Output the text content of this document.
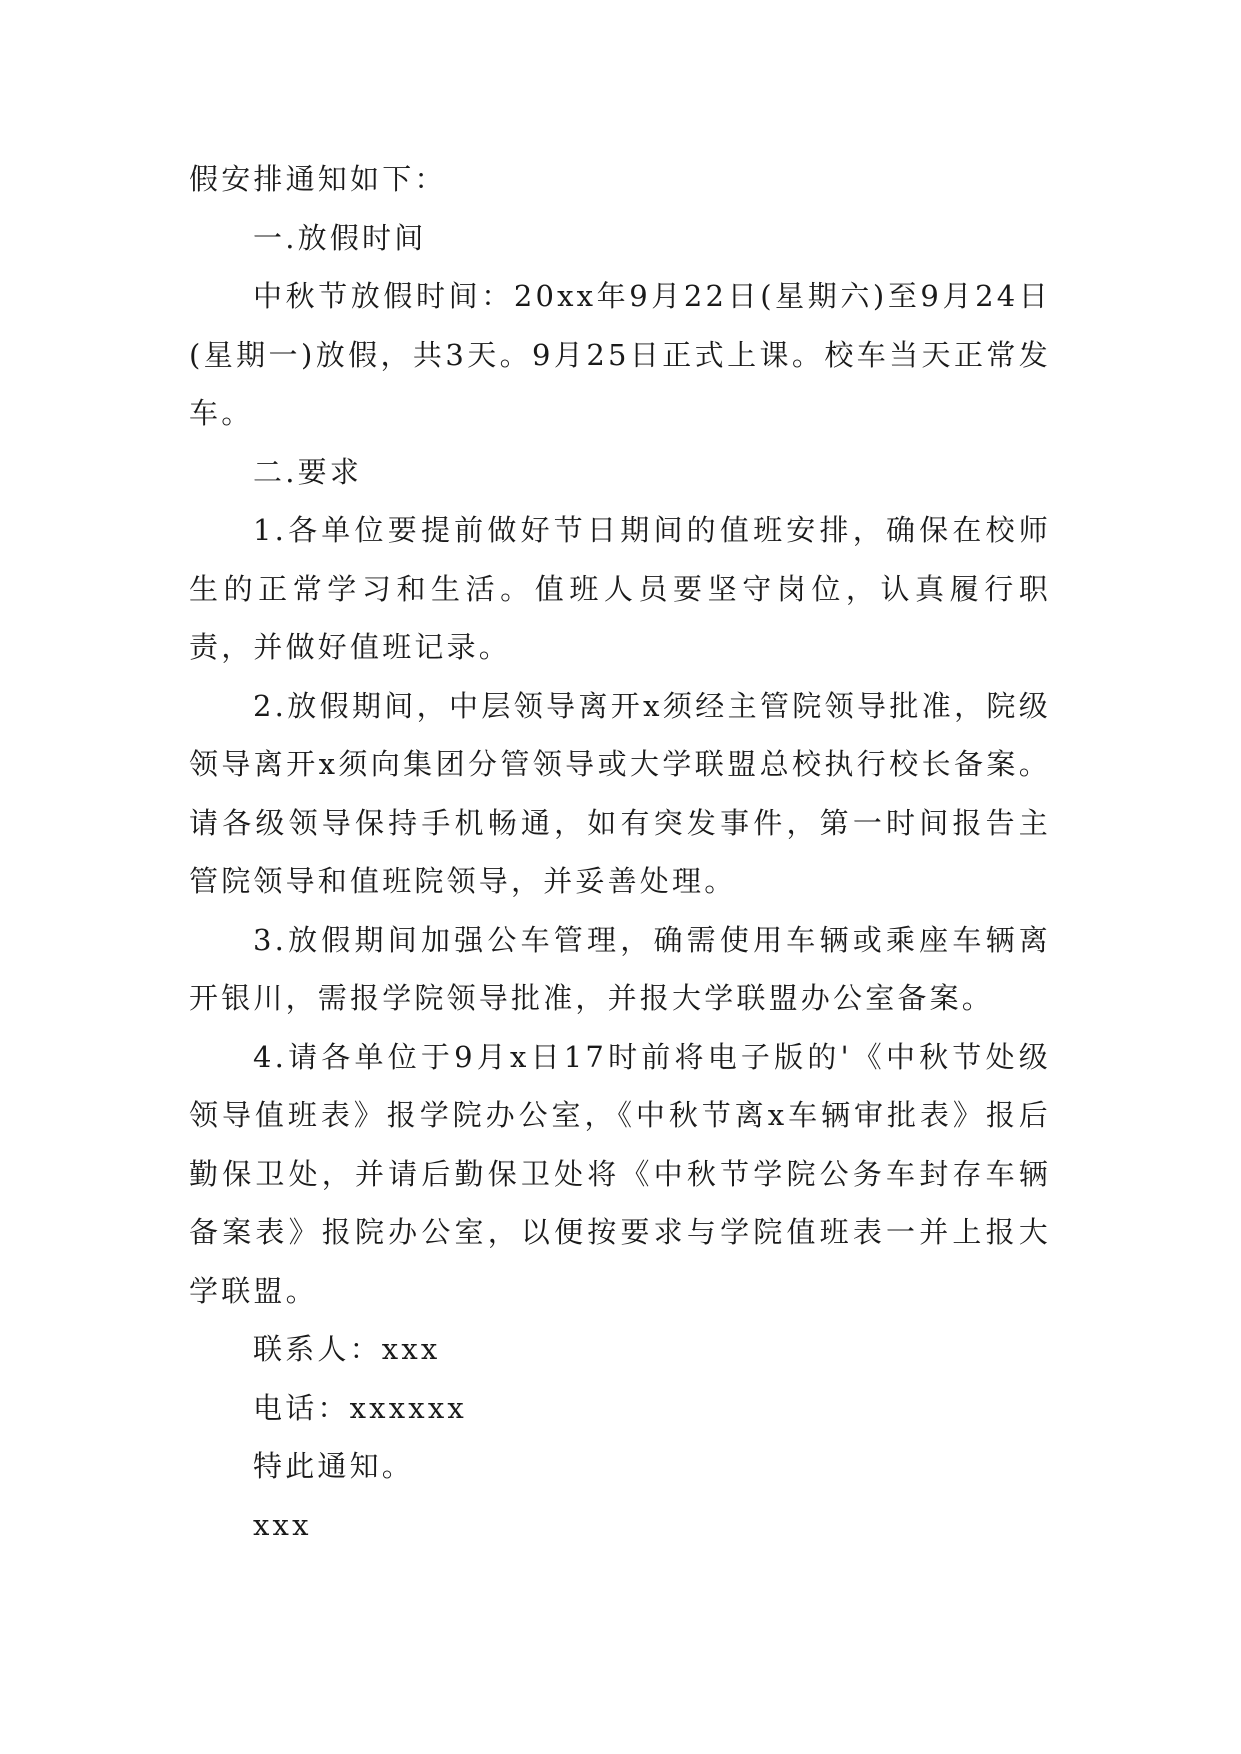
假安排通知如下：

一.放假时间

中秋节放假时间：20xx年9月22日(星期六)至9月24日(星期一)放假，共3天。9月25日正式上课。校车当天正常发车。

二.要求

1.各单位要提前做好节日期间的值班安排，确保在校师生的正常学习和生活。值班人员要坚守岗位，认真履行职责，并做好值班记录。

2.放假期间，中层领导离开x须经主管院领导批准，院级领导离开x须向集团分管领导或大学联盟总校执行校长备案。请各级领导保持手机畅通，如有突发事件，第一时间报告主管院领导和值班院领导，并妥善处理。

3.放假期间加强公车管理，确需使用车辆或乘座车辆离开银川，需报学院领导批准，并报大学联盟办公室备案。

4.请各单位于9月x日17时前将电子版的'《中秋节处级领导值班表》报学院办公室，《中秋节离x车辆审批表》报后勤保卫处，并请后勤保卫处将《中秋节学院公务车封存车辆备案表》报院办公室，以便按要求与学院值班表一并上报大学联盟。

联系人：xxx

电话：xxxxxx

特此通知。

xxx
